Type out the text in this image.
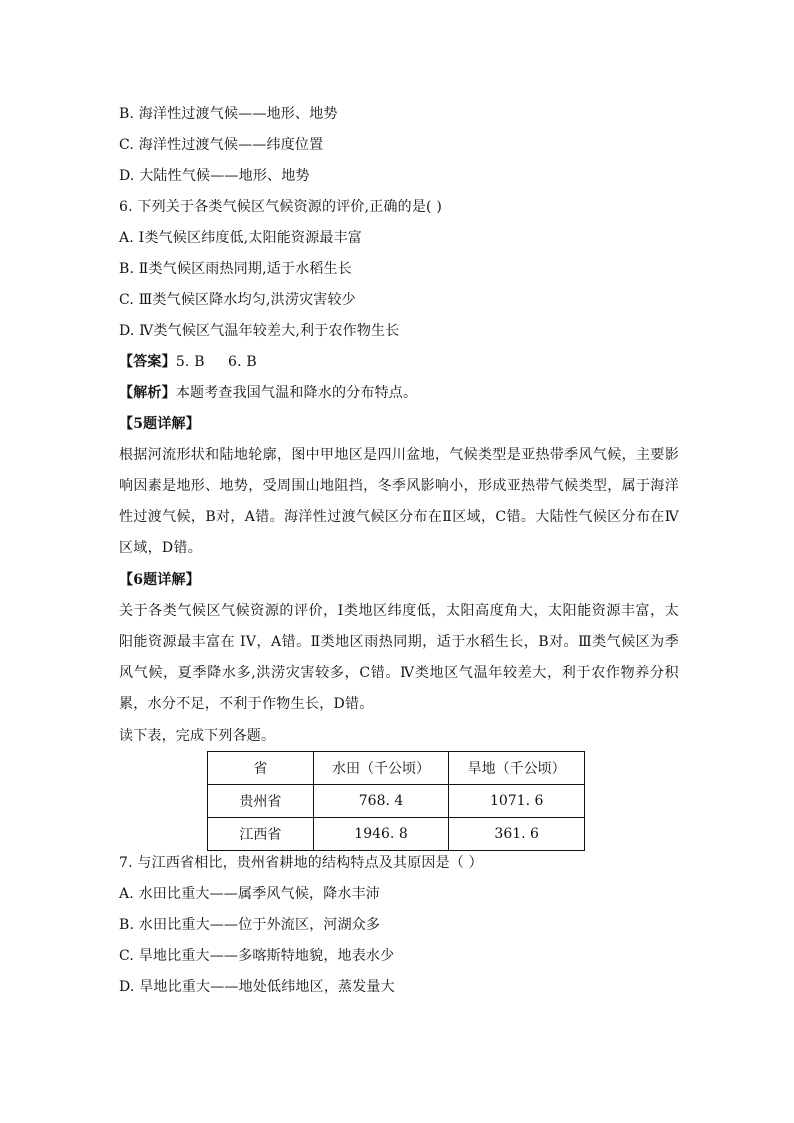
B. 海洋性过渡气候——地形、地势
C. 海洋性过渡气候——纬度位置
D. 大陆性气候——地形、地势
6. 下列关于各类气候区气候资源的评价,正确的是( )
A. Ⅰ类气候区纬度低,太阳能资源最丰富
B. Ⅱ类气候区雨热同期,适于水稻生长
C. Ⅲ类气候区降水均匀,洪涝灾害较少
D. Ⅳ类气候区气温年较差大,利于农作物生长
【答案】5. B     6. B
【解析】本题考查我国气温和降水的分布特点。
【5题详解】
根据河流形状和陆地轮廓，图中甲地区是四川盆地，气候类型是亚热带季风气候，主要影响因素是地形、地势，受周围山地阻挡，冬季风影响小，形成亚热带气候类型，属于海洋性过渡气候，B对，A错。海洋性过渡气候区分布在Ⅱ区域，C错。大陆性气候区分布在Ⅳ区域，D错。
【6题详解】
关于各类气候区气候资源的评价，Ⅰ类地区纬度低，太阳高度角大，太阳能资源丰富，太阳能资源最丰富在 IV，A错。Ⅱ类地区雨热同期，适于水稻生长，B对。Ⅲ类气候区为季风气候，夏季降水多,洪涝灾害较多，C错。Ⅳ类地区气温年较差大，利于农作物养分积累，水分不足，不利于作物生长，D错。
读下表，完成下列各题。
省	水田（千公顷）	旱地（千公顷）
贵州省	768. 4	1071. 6
江西省	1946. 8	361. 6
7. 与江西省相比，贵州省耕地的结构特点及其原因是（ ）
A. 水田比重大——属季风气候，降水丰沛
B. 水田比重大——位于外流区，河湖众多
C. 旱地比重大——多喀斯特地貌，地表水少
D. 旱地比重大——地处低纬地区，蒸发量大
